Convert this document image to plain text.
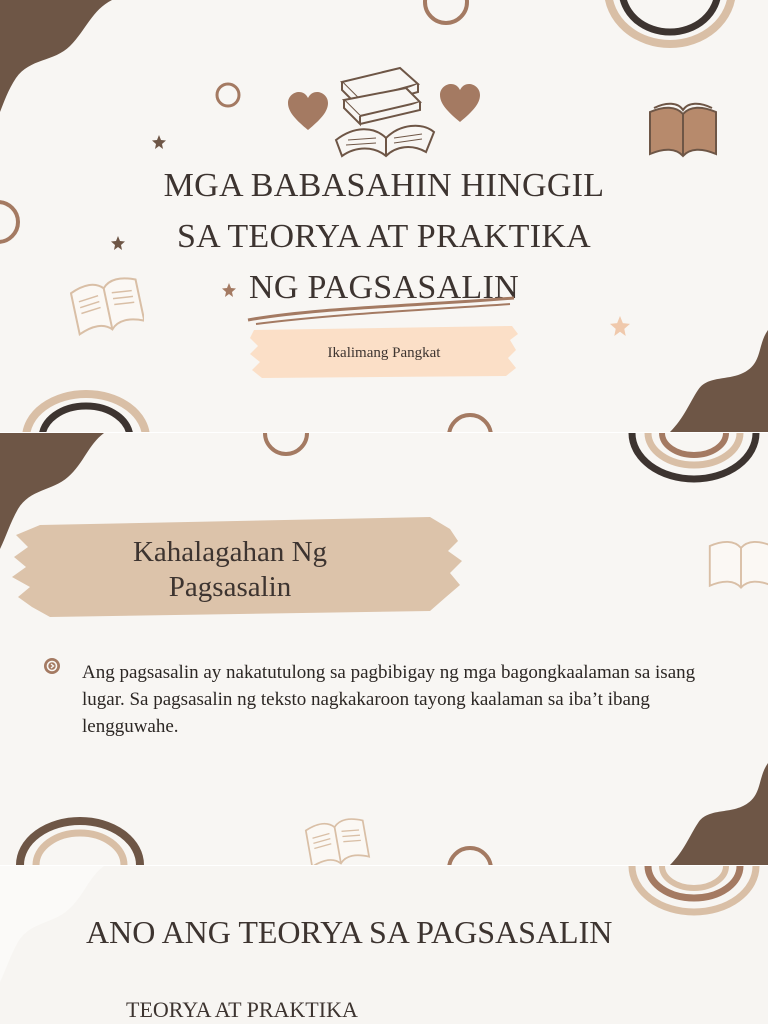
MGA BABASAHIN HINGGIL SA TEORYA AT PRAKTIKA NG PAGSASALIN
Ikalimang Pangkat
Kahalagahan Ng Pagsasalin
Ang pagsasalin ay nakatutulong sa pagbibigay ng mga bagongkaalaman sa isang lugar. Sa pagsasalin ng teksto nagkakaroon tayong kaalaman sa iba’t ibang lengguwahe.
ANO ANG TEORYA SA PAGSASALIN
TEORYA AT PRAKTIKA
